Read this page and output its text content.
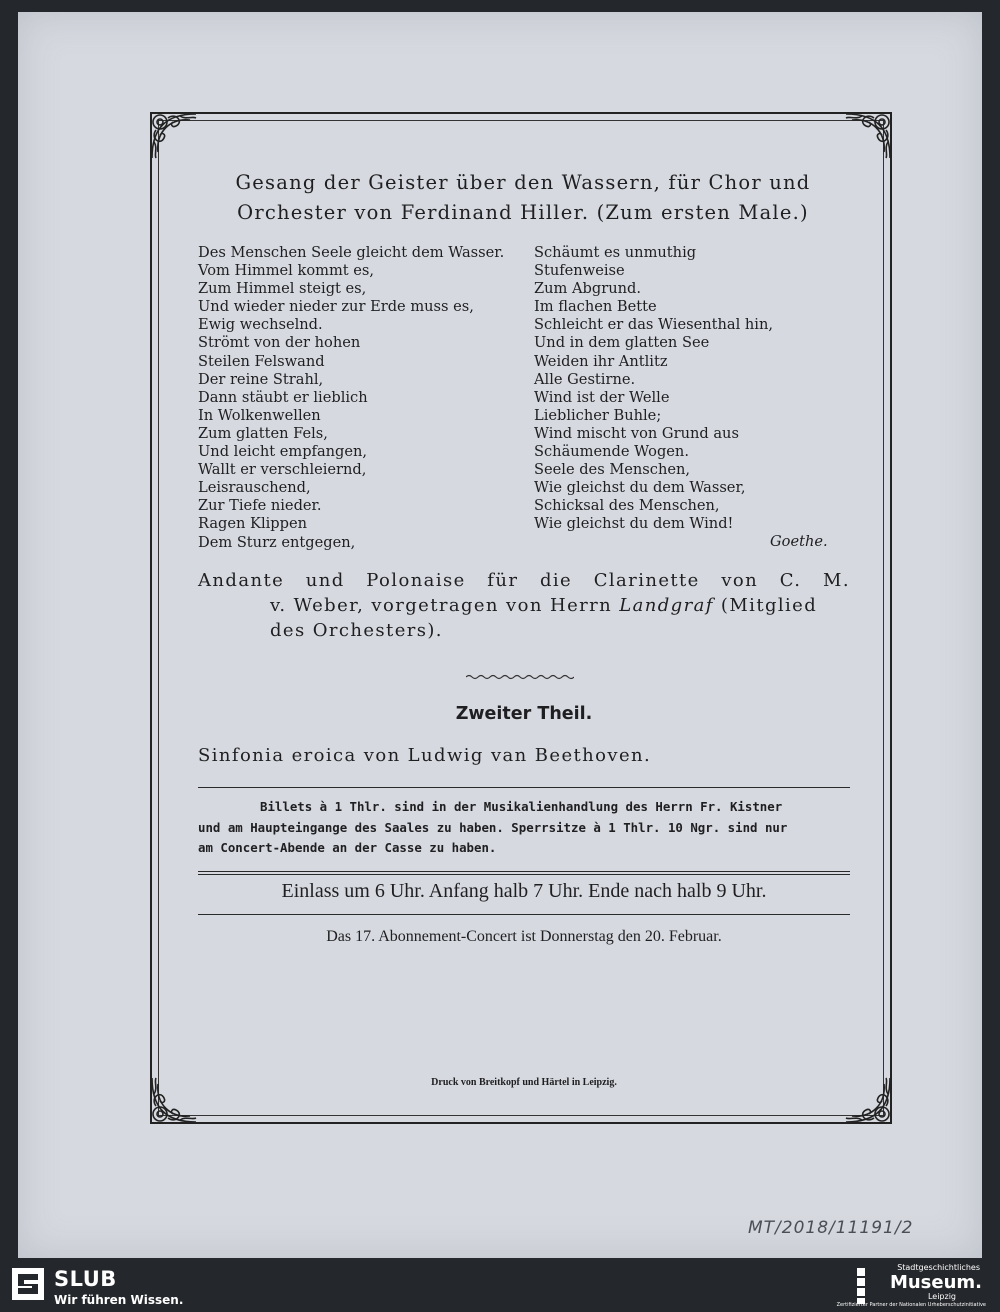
Gesang der Geister über den Wassern, für Chor und
Orchester von Ferdinand Hiller. (Zum ersten Male.)
Des Menschen Seele gleicht dem Wasser.
Vom Himmel kommt es,
Zum Himmel steigt es,
Und wieder nieder zur Erde muss es,
Ewig wechselnd.
Strömt von der hohen
Steilen Felswand
Der reine Strahl,
Dann stäubt er lieblich
In Wolkenwellen
Zum glatten Fels,
Und leicht empfangen,
Wallt er verschleiernd,
Leisrauschend,
Zur Tiefe nieder.
Ragen Klippen
Dem Sturz entgegen,
Schäumt es unmuthig
Stufenweise
Zum Abgrund.
Im flachen Bette
Schleicht er das Wiesenthal hin,
Und in dem glatten See
Weiden ihr Antlitz
Alle Gestirne.
Wind ist der Welle
Lieblicher Buhle;
Wind mischt von Grund aus
Schäumende Wogen.
Seele des Menschen,
Wie gleichst du dem Wasser,
Schicksal des Menschen,
Wie gleichst du dem Wind!
Goethe.

Andante und Polonaise für die Clarinette von C. M.
v. Weber, vorgetragen von Herrn Landgraf (Mitglied
des Orchesters).

Zweiter Theil.
Sinfonia eroica von Ludwig van Beethoven.

Billets à 1 Thlr. sind in der Musikalienhandlung des Herrn Fr. Kistner
und am Haupteingange des Saales zu haben. Sperrsitze à 1 Thlr. 10 Ngr. sind nur
am Concert-Abende an der Casse zu haben.

Einlass um 6 Uhr. Anfang halb 7 Uhr. Ende nach halb 9 Uhr.
Das 17. Abonnement-Concert ist Donnerstag den 20. Februar.
Druck von Breitkopf und Härtel in Leipzig.
MT/2018/11191/2
SLUB
Wir führen Wissen.
Stadtgeschichtliches
Museum.
Leipzig
Zertifizierter Partner der Nationalen Urheberschutzinitiative
